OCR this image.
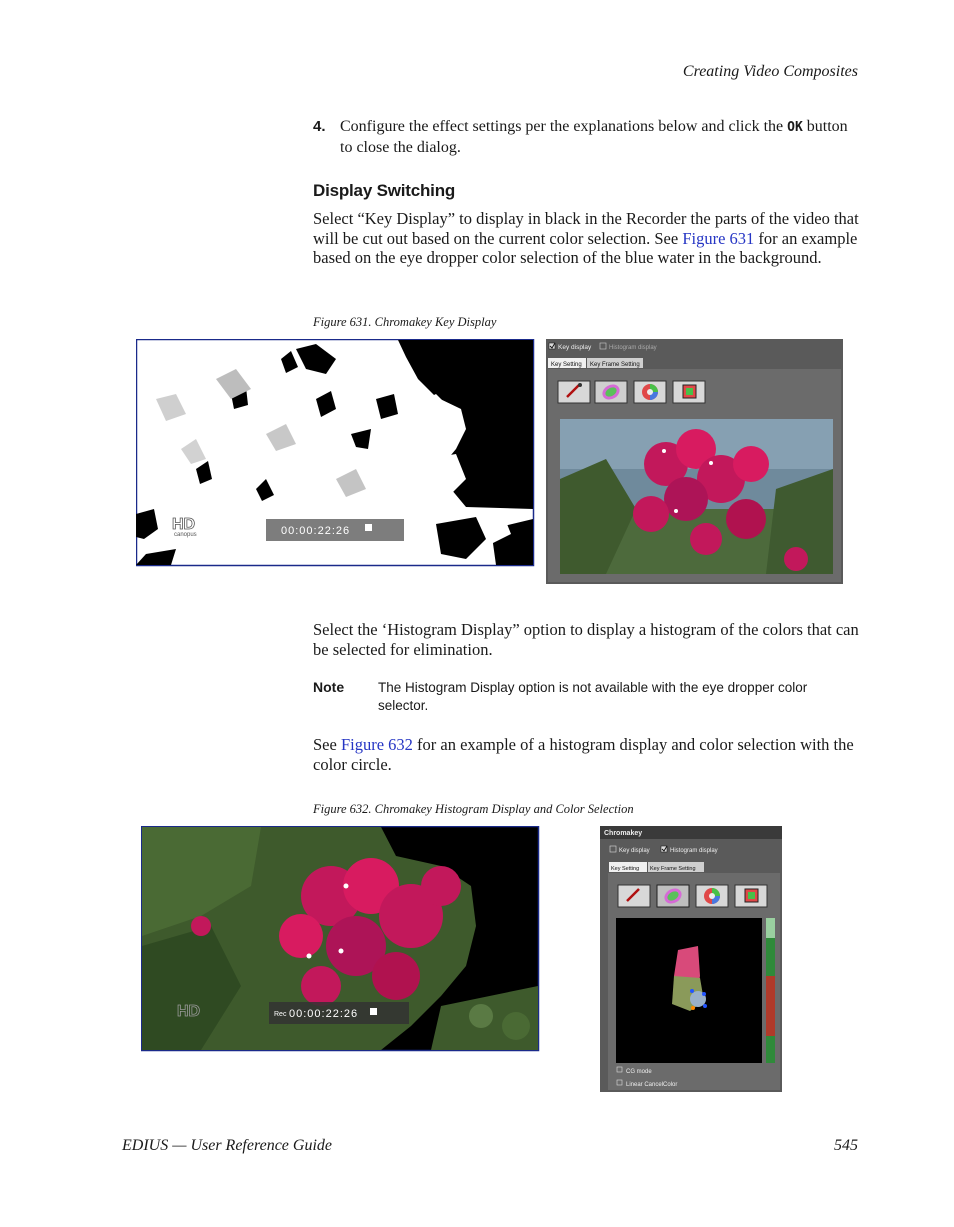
Creating Video Composites
4. Configure the effect settings per the explanations below and click the OK button to close the dialog.
Display Switching
Select “Key Display” to display in black in the Recorder the parts of the video that will be cut out based on the current color selection. See Figure 631 for an example based on the eye dropper color selection of the blue water in the background.
Figure 631. Chromakey Key Display
HD
canopus	00:00:22:26
Key display	Histogram display
Key Setting Key Frame Setting
Select the ‘Histogram Display” option to display a histogram of the colors that can be selected for elimination.
Note	The Histogram Display option is not available with the eye dropper color selector.
See Figure 632 for an example of a histogram display and color selection with the color circle.
Figure 632. Chromakey Histogram Display and Color Selection
HD	Rec 00:00:22:26
Chromakey
Key display	Histogram display
Key Setting Key Frame Setting
CG mode
Linear CancelColor
EDIUS — User Reference Guide	545
